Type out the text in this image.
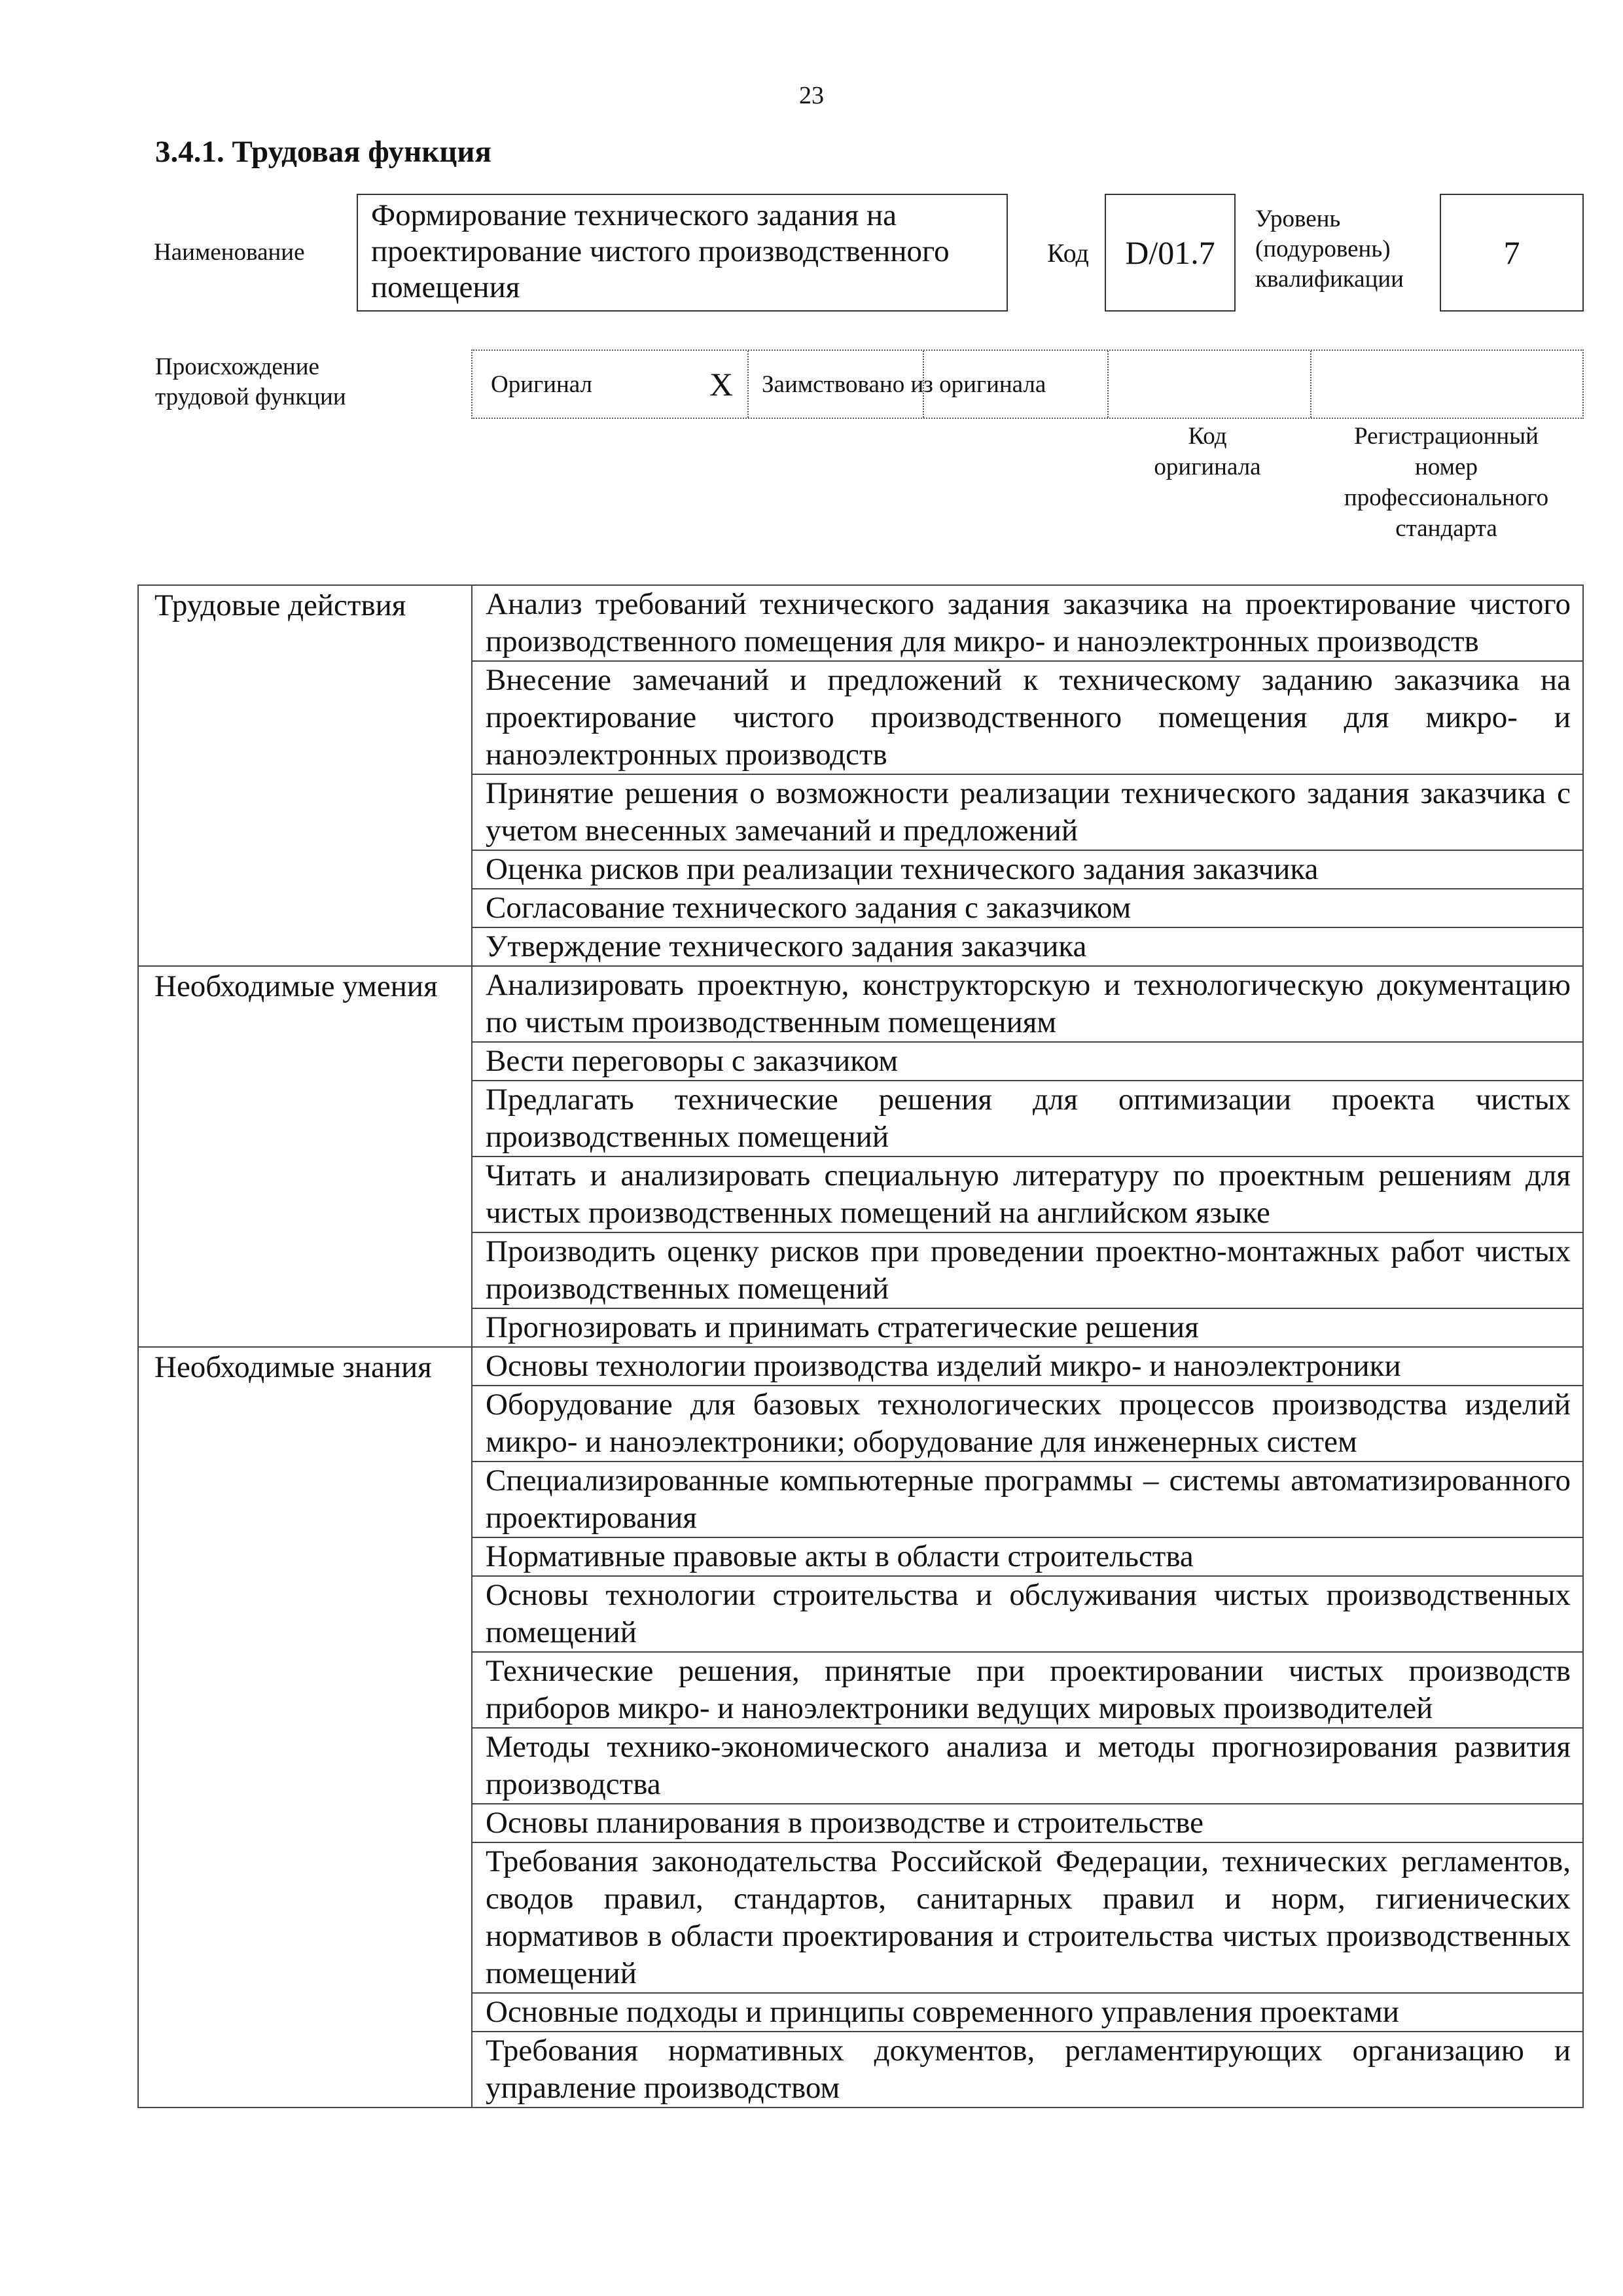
23
3.4.1. Трудовая функция
Наименование
Формирование технического задания на проектирование чистого производственного помещения
Код	D/01.7
Уровень
(подуровень)
квалификации
7
Происхождение
трудовой функции	Оригинал	X	Заимствовано из оригинала
Код
оригинала
Регистрационный
номер
профессионального
стандарта
Трудовые действия	Анализ требований технического задания заказчика на проектирование чистого производственного помещения для микро- и наноэлектронных производств
	Внесение замечаний и предложений к техническому заданию заказчика на проектирование чистого производственного помещения для микро- и наноэлектронных производств
	Принятие решения о возможности реализации технического задания заказчика с учетом внесенных замечаний и предложений
	Оценка рисков при реализации технического задания заказчика
	Согласование технического задания с заказчиком
	Утверждение технического задания заказчика
Необходимые умения	Анализировать проектную, конструкторскую и технологическую документацию по чистым производственным помещениям
	Вести переговоры с заказчиком
	Предлагать технические решения для оптимизации проекта чистых производственных помещений
	Читать и анализировать специальную литературу по проектным решениям для чистых производственных помещений на английском языке
	Производить оценку рисков при проведении проектно-монтажных работ чистых производственных помещений
	Прогнозировать и принимать стратегические решения
Необходимые знания	Основы технологии производства изделий микро- и наноэлектроники
	Оборудование для базовых технологических процессов производства изделий микро- и наноэлектроники; оборудование для инженерных систем
	Специализированные компьютерные программы – системы автоматизированного проектирования
	Нормативные правовые акты в области строительства
	Основы технологии строительства и обслуживания чистых производственных помещений
	Технические решения, принятые при проектировании чистых производств приборов микро- и наноэлектроники ведущих мировых производителей
	Методы технико-экономического анализа и методы прогнозирования развития производства
	Основы планирования в производстве и строительстве
	Требования законодательства Российской Федерации, технических регламентов, сводов правил, стандартов, санитарных правил и норм, гигиенических нормативов в области проектирования и строительства чистых производственных помещений
	Основные подходы и принципы современного управления проектами
	Требования нормативных документов, регламентирующих организацию и управление производством
